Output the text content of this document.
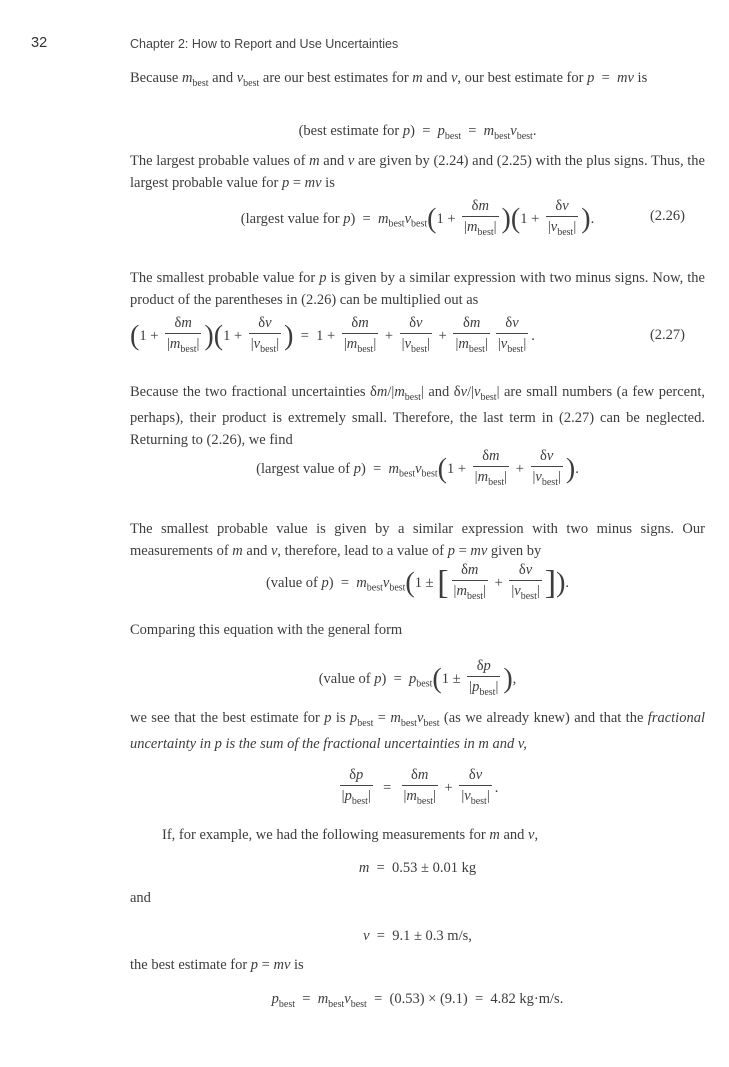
32	Chapter 2: How to Report and Use Uncertainties
Because $m_{best}$ and $v_{best}$ are our best estimates for m and v, our best estimate for p  =  mv is
(best estimate for $p) = p_{best} = m_{best}v_{best}$.
The largest probable values of m and v are given by (2.24) and (2.25) with the plus signs. Thus, the largest probable value for p = mv is
(largest value for $p) = m_{best}v_{best}(1 + \frac{\delta m}{|m_{best}|} )(1 + \frac{\delta v}{|v_{best}|}$ ).	(2.26)
The smallest probable value for p is given by a similar expression with two minus signs. Now, the product of the parentheses in (2.26) can be multiplied out as
$(1 + \frac{\delta m}{|m_{best}|} )(1 + \frac{\delta v}{|v_{best}|}$ )  =  $1 + \frac{\delta m}{|m_{best}|} + \frac{\delta v}{|v_{best}|} + \frac{\delta m}{|m_{best}|} \frac{\delta v}{|v_{best}|}$ .	(2.27)
Because the two fractional uncertainties $\delta m/|m_{best}|$ and $\delta v/|v_{best}|$ are small numbers (a few percent, perhaps), their product is extremely small. Therefore, the last term in (2.27) can be neglected. Returning to (2.26), we find
(largest value of $p) = m_{best}v_{best}(1 + \frac{\delta m}{|m_{best}|} + \frac{\delta v}{|v_{best}|}$ ).
The smallest probable value is given by a similar expression with two minus signs. Our measurements of m and v, therefore, lead to a value of p = mv given by
(value of $p) = m_{best}v_{best}(1$ ± [ $\frac{\delta m}{|m_{best}|} + \frac{\delta v}{|v_{best}|}$ ]).
Comparing this equation with the general form
(value of $p) = p_{best}(1 \pm \frac{\delta p}{|p_{best}|}$ ),
we see that the best estimate for p is $p_{best} = m_{best}v_{best}$ (as we already knew) and that the fractional uncertainty in p is the sum of the fractional uncertainties in m and v,
$\frac{\delta p}{|p_{best}|} = \frac{\delta m}{|m_{best}|} + \frac{\delta v}{|v_{best}|}$ .
If, for example, we had the following measurements for m and v,
m  =  0.53 ± 0.01 kg
and
v  =  9.1 ± 0.3 m/s,
the best estimate for p = mv is
$p_{best} = m_{best}v_{best} = (0.53) \times (9.1) = 4.82$ kg·m/s.
